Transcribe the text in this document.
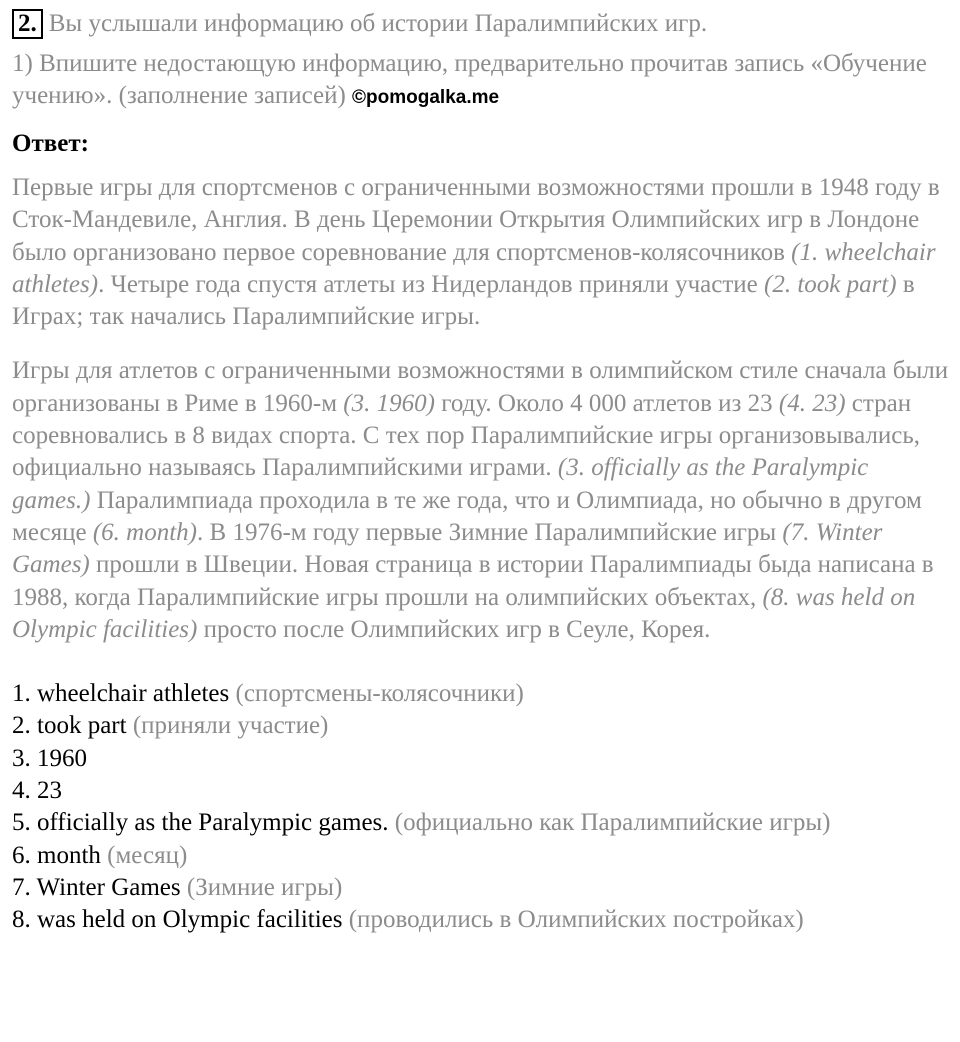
2. Вы услышали информацию об истории Паралимпийских игр.

1) Впишите недостающую информацию, предварительно прочитав запись «Обучение учению». (заполнение записей) ©pomogalka.me

Ответ:

Первые игры для спортсменов с ограниченными возможностями прошли в 1948 году в Сток-Мандевиле, Англия. В день Церемонии Открытия Олимпийских игр в Лондоне было организовано первое соревнование для спортсменов-колясочников (1. wheelchair athletes). Четыре года спустя атлеты из Нидерландов приняли участие (2. took part) в Играх; так начались Паралимпийские игры.

Игры для атлетов с ограниченными возможностями в олимпийском стиле сначала были организованы в Риме в 1960-м (3. 1960) году. Около 4 000 атлетов из 23 (4. 23) стран соревновались в 8 видах спорта. С тех пор Паралимпийские игры организовывались, официально называясь Паралимпийскими играми. (3. officially as the Paralympic games.) Паралимпиада проходила в те же года, что и Олимпиада, но обычно в другом месяце (6. month). В 1976-м году первые Зимние Паралимпийские игры (7. Winter Games) прошли в Швеции. Новая страница в истории Паралимпиады быда написана в 1988, когда Паралимпийские игры прошли на олимпийских объектах, (8. was held on Olympic facilities) просто после Олимпийских игр в Сеуле, Корея.

1. wheelchair athletes (спортсмены-колясочники)
2. took part (приняли участие)
3. 1960
4. 23
5. officially as the Paralympic games. (официально как Паралимпийские игры)
6. month (месяц)
7. Winter Games (Зимние игры)
8. was held on Olympic facilities (проводились в Олимпийских постройках)
